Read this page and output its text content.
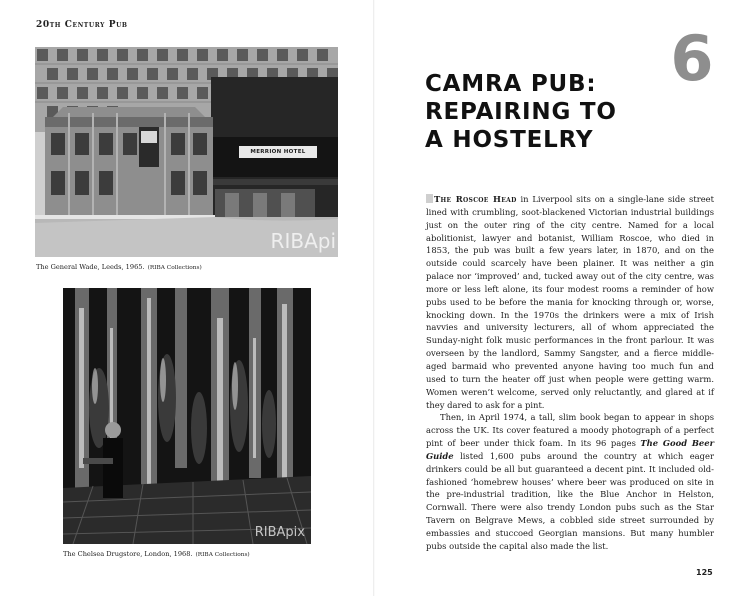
20th Century Pub
RIBApi
MERRION HOTEL
The General Wade, Leeds, 1965. (RIBA Collections)
RIBApix
The Chelsea Drugstore, London, 1968. (RIBA Collections)
6
CAMRA PUB:
REPAIRING TO
A HOSTELRY

The Roscoe Head in Liverpool sits on a single-lane side street lined with crumbling, soot-blackened Victorian industrial buildings just on the outer ring of the city centre. Named for a local abolitionist, lawyer and botanist, William Roscoe, who died in 1853, the pub was built a few years later, in 1870, and on the outside could scarcely have been plainer. It was neither a gin palace nor ‘improved’ and, tucked away out of the city centre, was more or less left alone, its four modest rooms a reminder of how pubs used to be before the mania for knocking through or, worse, knocking down. In the 1970s the drinkers were a mix of Irish navvies and university lecturers, all of whom appreciated the Sunday-night folk music performances in the front parlour. It was overseen by the landlord, Sammy Sangster, and a fierce middle-aged barmaid who prevented anyone having too much fun and used to turn the heater off just when people were getting warm. Women weren’t welcome, served only reluctantly, and glared at if they dared to ask for a pint.

Then, in April 1974, a tall, slim book began to appear in shops across the UK. Its cover featured a moody photograph of a perfect pint of beer under thick foam. In its 96 pages The Good Beer Guide listed 1,600 pubs around the country at which eager drinkers could be all but guaranteed a decent pint. It included old-fashioned ‘homebrew houses’ where beer was produced on site in the pre-industrial tradition, like the Blue Anchor in Helston, Cornwall. There were also trendy London pubs such as the Star Tavern on Belgrave Mews, a cobbled side street surrounded by embassies and stuccoed Georgian mansions. But many humbler pubs outside the capital also made the list.

125
